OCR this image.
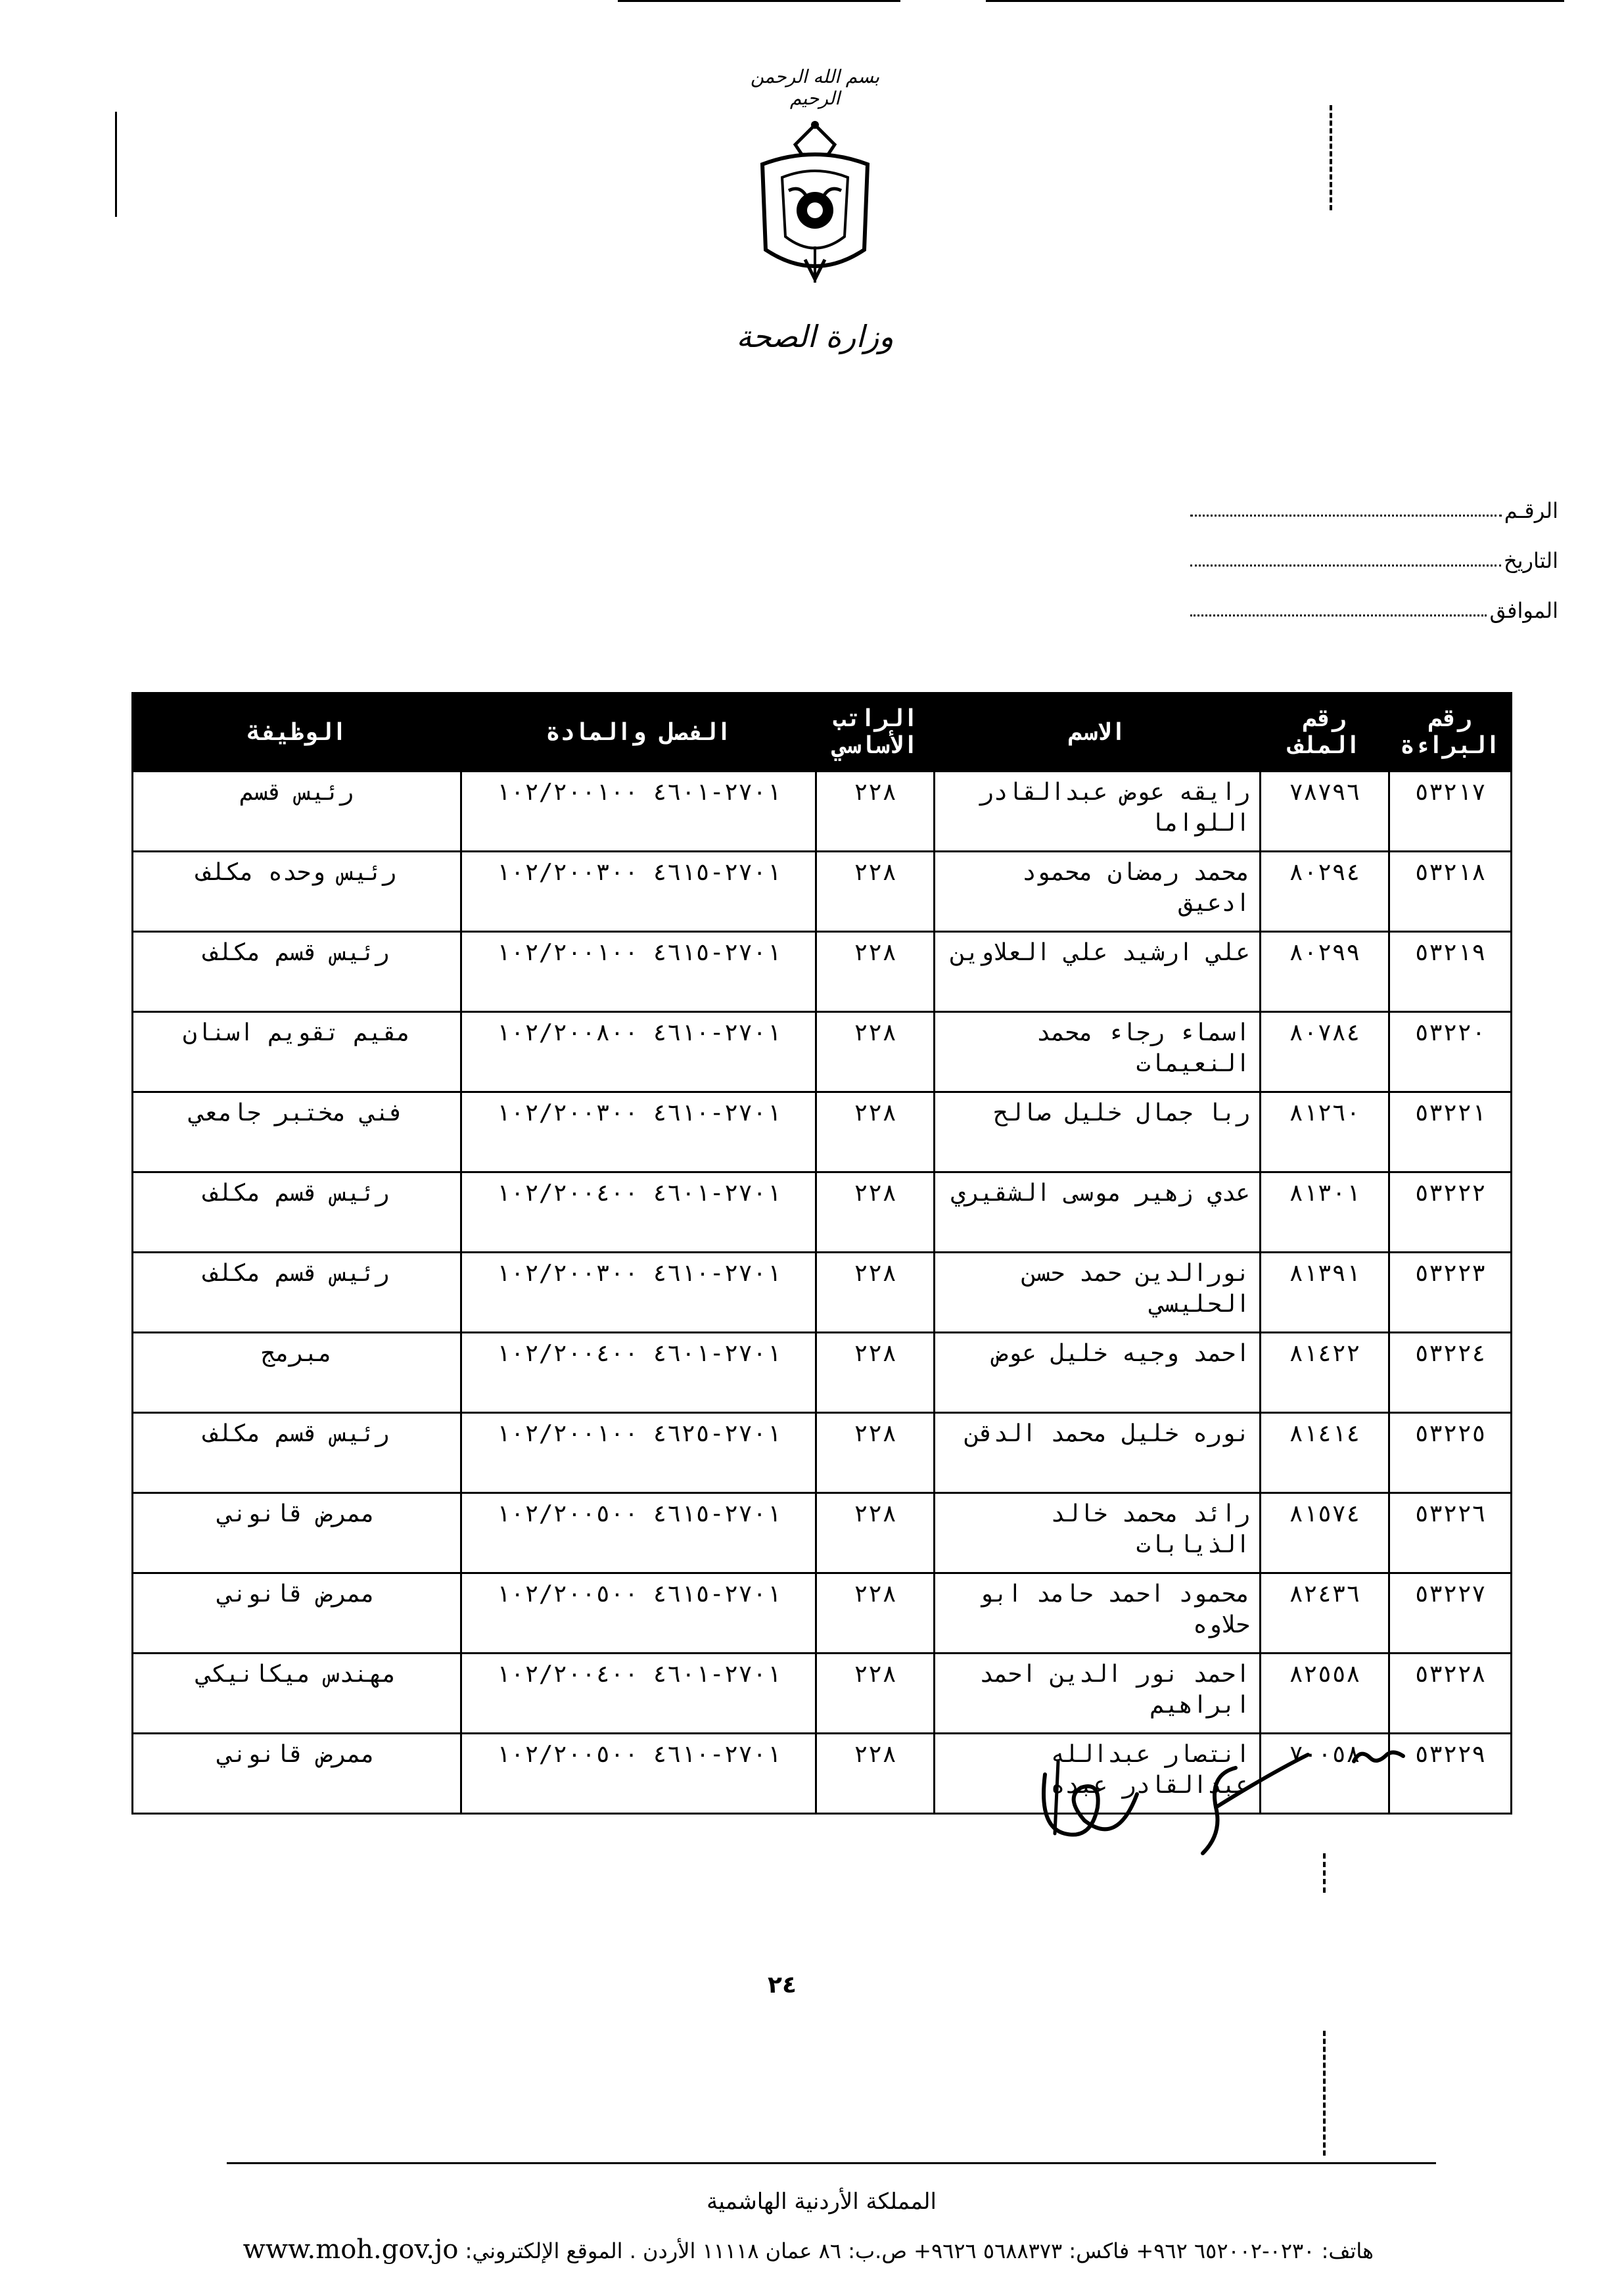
بسم الله الرحمن الرحيم
وزارة الصحة
الرقـم
التاريخ
الموافق
رقم البراءة	رقم الملف	الاسم	الراتب الأساسي	الفصل والمادة	الوظيفة
٥٣٢١٧	٧٨٧٩٦	رايقه عوض عبدالقادر اللواما	٢٢٨	٢٧٠١-٤٦٠١ ١٠٢/٢٠٠١٠٠	رئيس قسم
٥٣٢١٨	٨٠٢٩٤	محمد رمضان محمود ادعيق	٢٢٨	٢٧٠١-٤٦١٥ ١٠٢/٢٠٠٣٠٠	رئيس وحده مكلف
٥٣٢١٩	٨٠٢٩٩	علي ارشيد علي العلاوين	٢٢٨	٢٧٠١-٤٦١٥ ١٠٢/٢٠٠١٠٠	رئيس قسم مكلف
٥٣٢٢٠	٨٠٧٨٤	اسماء رجاء محمد النعيمات	٢٢٨	٢٧٠١-٤٦١٠ ١٠٢/٢٠٠٨٠٠	مقيم تقويم اسنان
٥٣٢٢١	٨١٢٦٠	ربا جمال خليل صالح	٢٢٨	٢٧٠١-٤٦١٠ ١٠٢/٢٠٠٣٠٠	فني مختبر جامعي
٥٣٢٢٢	٨١٣٠١	عدي زهير موسى الشقيري	٢٢٨	٢٧٠١-٤٦٠١ ١٠٢/٢٠٠٤٠٠	رئيس قسم مكلف
٥٣٢٢٣	٨١٣٩١	نورالدين حمد حسن الحليسي	٢٢٨	٢٧٠١-٤٦١٠ ١٠٢/٢٠٠٣٠٠	رئيس قسم مكلف
٥٣٢٢٤	٨١٤٢٢	احمد وجيه خليل عوض	٢٢٨	٢٧٠١-٤٦٠١ ١٠٢/٢٠٠٤٠٠	مبرمج
٥٣٢٢٥	٨١٤١٤	نوره خليل محمد الدقن	٢٢٨	٢٧٠١-٤٦٢٥ ١٠٢/٢٠٠١٠٠	رئيس قسم مكلف
٥٣٢٢٦	٨١٥٧٤	رائد محمد خالد الذيابات	٢٢٨	٢٧٠١-٤٦١٥ ١٠٢/٢٠٠٥٠٠	ممرض قانوني
٥٣٢٢٧	٨٢٤٣٦	محمود احمد حامد ابو حلاوه	٢٢٨	٢٧٠١-٤٦١٥ ١٠٢/٢٠٠٥٠٠	ممرض قانوني
٥٣٢٢٨	٨٢٥٥٨	احمد نور الدين احمد ابراهيم	٢٢٨	٢٧٠١-٤٦٠١ ١٠٢/٢٠٠٤٠٠	مهندس ميكانيكي
٥٣٢٢٩	٧٠٠٥٨	انتصار عبدالله عبدالقادر عبده	٢٢٨	٢٧٠١-٤٦١٠ ١٠٢/٢٠٠٥٠٠	ممرض قانوني
٢٤
المملكة الأردنية الهاشمية
هاتف: ٠٢٣٠-٦٥٢٠٠٢ ٩٦٢+ فاكس: ٥٦٨٨٣٧٣ ٩٦٢٦+ ص.ب: ٨٦ عمان ١١١١٨ الأردن . الموقع الإلكتروني: www.moh.gov.jo
